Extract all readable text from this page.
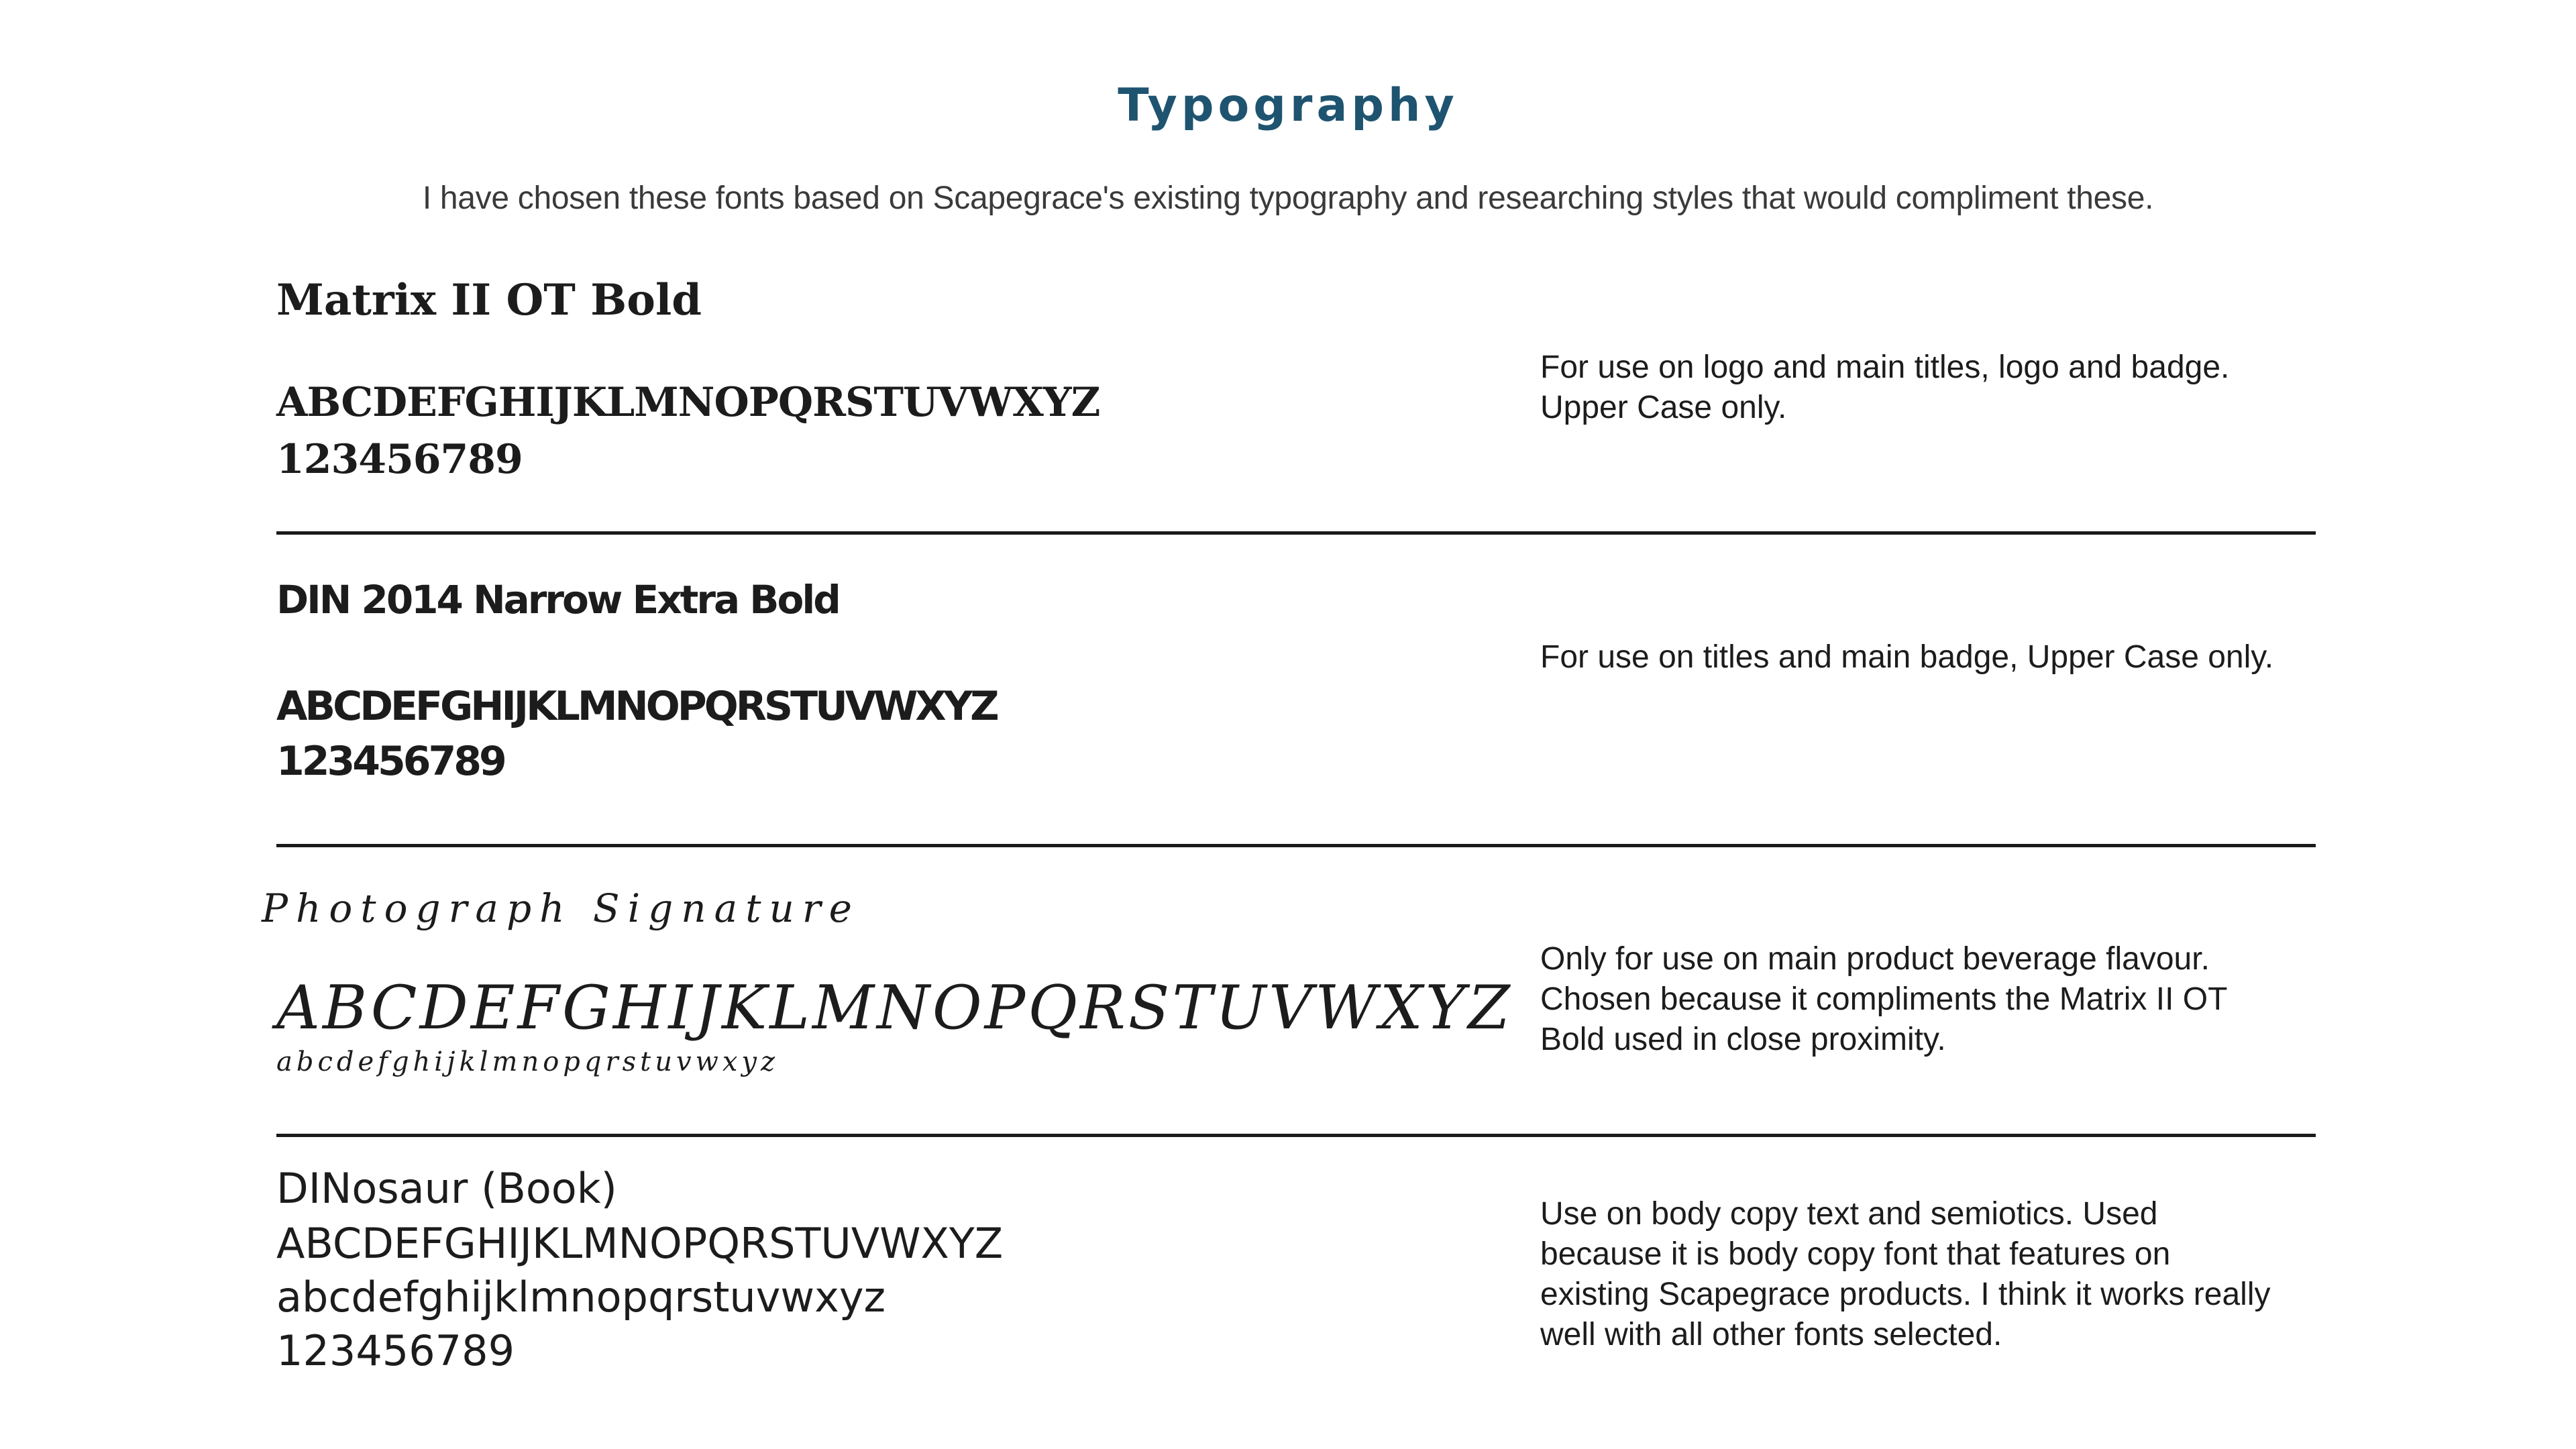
Typography

I have chosen these fonts based on Scapegrace's existing typography and researching styles that would compliment these.

Matrix II OT Bold

ABCDEFGHIJKLMNOPQRSTUVWXYZ

123456789

For use on logo and main titles, logo and badge. Upper Case only.

DIN 2014 Narrow Extra Bold

ABCDEFGHIJKLMNOPQRSTUVWXYZ

123456789

For use on titles and main badge, Upper Case only.

Photograph Signature

ABCDEFGHIJKLMNOPQRSTUVWXYZ

abcdefghijklmnopqrstuvwxyz

Only for use on main product beverage flavour. Chosen because it compliments the Matrix II OT Bold used in close proximity.

DINosaur (Book)

ABCDEFGHIJKLMNOPQRSTUVWXYZ

abcdefghijklmnopqrstuvwxyz

123456789

Use on body copy text and semiotics. Used because it is body copy font that features on existing Scapegrace products. I think it works really well with all other fonts selected.
